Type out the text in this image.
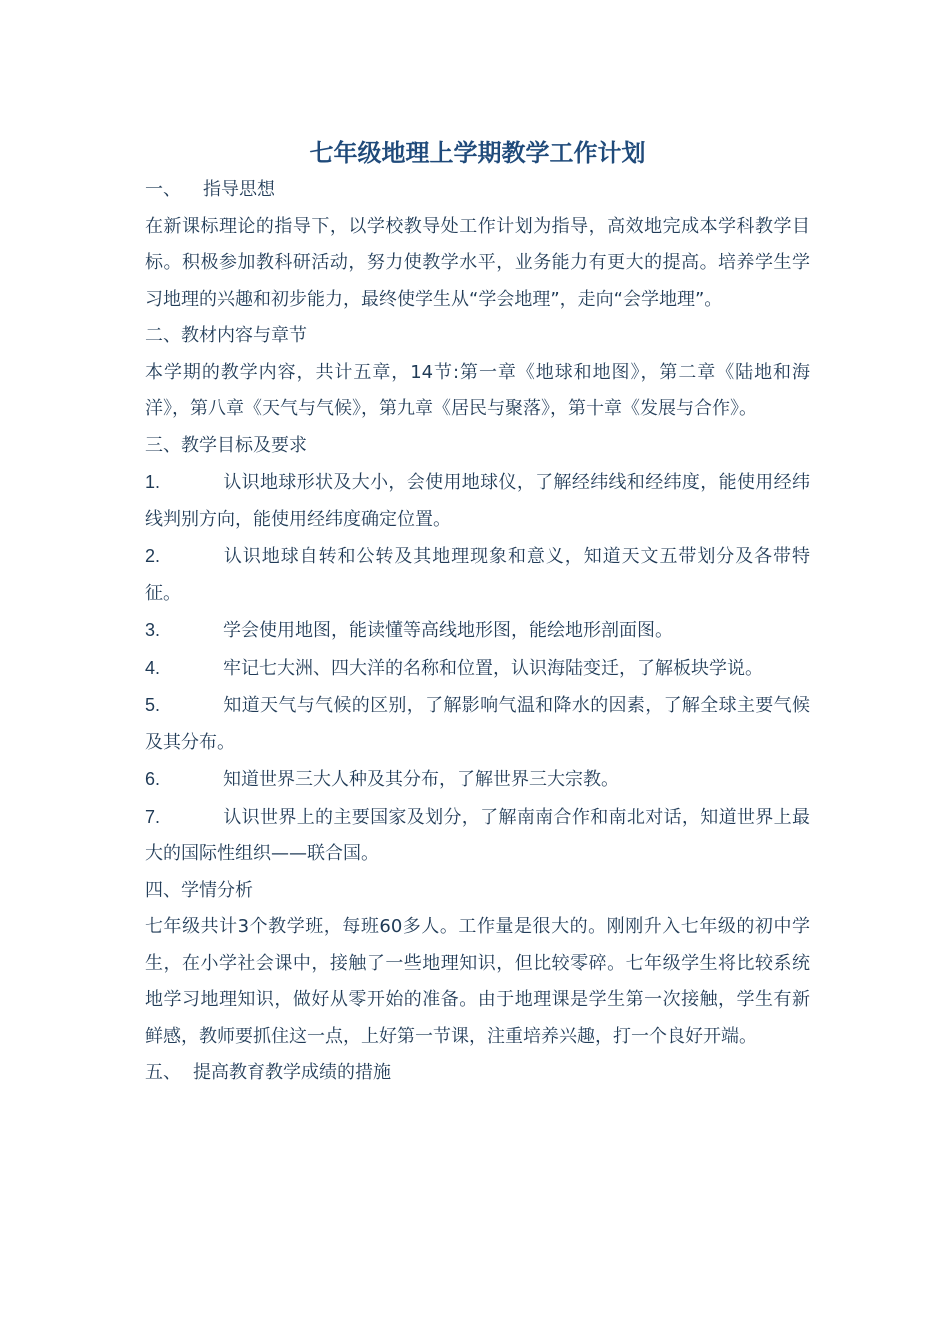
七年级地理上学期教学工作计划

一、 指导思想

在新课标理论的指导下，以学校教导处工作计划为指导，高效地完成本学科教学目标。积极参加教科研活动，努力使教学水平，业务能力有更大的提高。培养学生学习地理的兴趣和初步能力，最终使学生从“学会地理”，走向“会学地理”。

二、教材内容与章节

本学期的教学内容，共计五章，14节:第一章《地球和地图》，第二章《陆地和海洋》，第八章《天气与气候》，第九章《居民与聚落》，第十章《发展与合作》。

三、教学目标及要求

1.	认识地球形状及大小，会使用地球仪，了解经纬线和经纬度，能使用经纬线判别方向，能使用经纬度确定位置。

2.	认识地球自转和公转及其地理现象和意义，知道天文五带划分及各带特征。

3.	学会使用地图，能读懂等高线地形图，能绘地形剖面图。

4.	牢记七大洲、四大洋的名称和位置，认识海陆变迁，了解板块学说。

5.	知道天气与气候的区别，了解影响气温和降水的因素，了解全球主要气候及其分布。

6.	知道世界三大人种及其分布，了解世界三大宗教。

7.	认识世界上的主要国家及划分，了解南南合作和南北对话，知道世界上最大的国际性组织——联合国。

四、学情分析

七年级共计3个教学班，每班60多人。工作量是很大的。刚刚升入七年级的初中学生，在小学社会课中，接触了一些地理知识，但比较零碎。七年级学生将比较系统地学习地理知识，做好从零开始的准备。由于地理课是学生第一次接触，学生有新鲜感，教师要抓住这一点，上好第一节课，注重培养兴趣，打一个良好开端。

五、 提高教育教学成绩的措施
